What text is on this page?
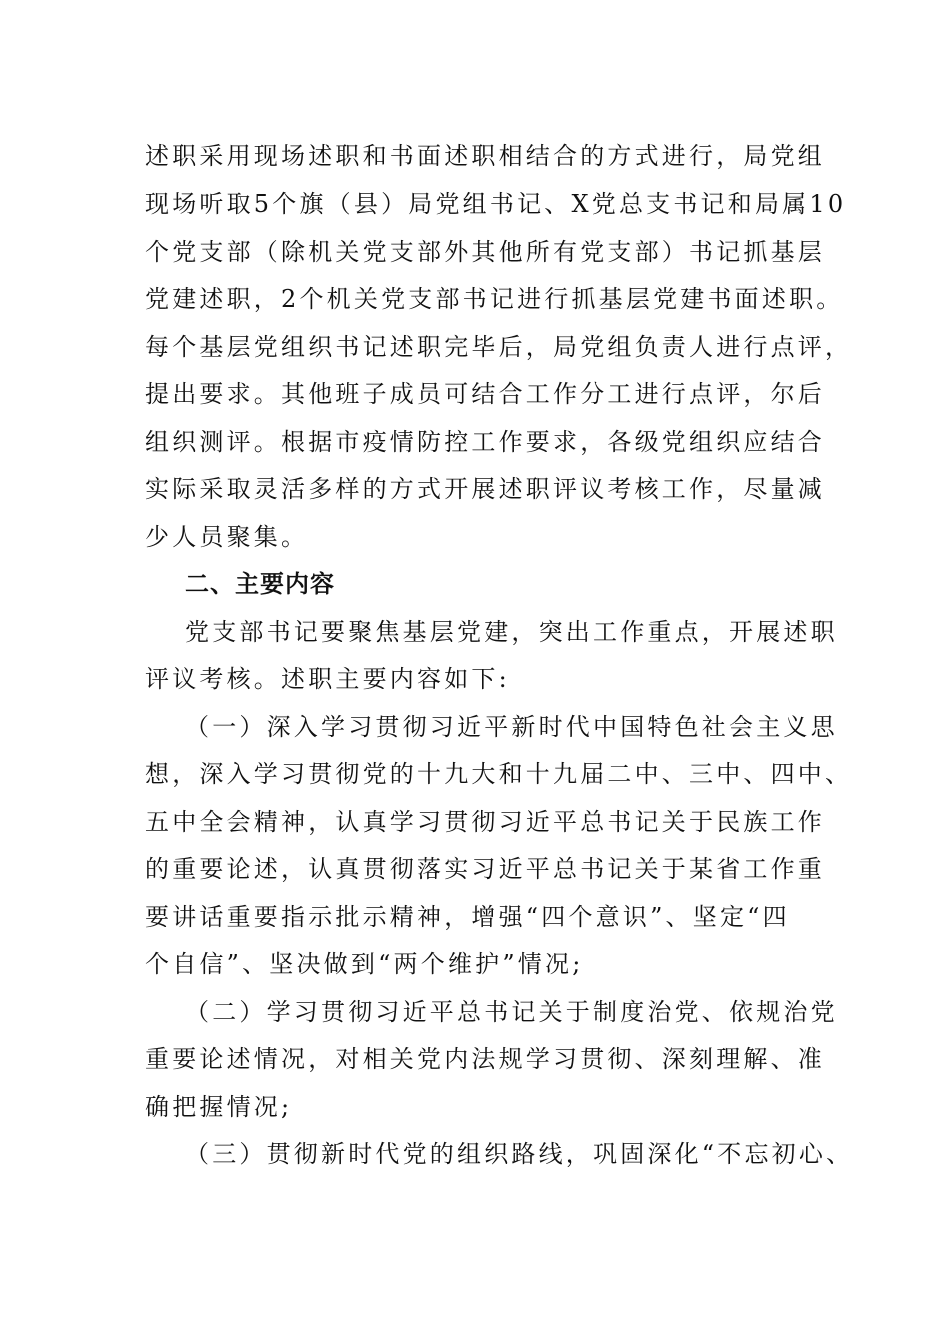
述职采用现场述职和书面述职相结合的方式进行，局党组
现场听取5个旗（县）局党组书记、X党总支书记和局属10
个党支部（除机关党支部外其他所有党支部）书记抓基层
党建述职，2个机关党支部书记进行抓基层党建书面述职。
每个基层党组织书记述职完毕后，局党组负责人进行点评，
提出要求。其他班子成员可结合工作分工进行点评，尔后
组织测评。根据市疫情防控工作要求，各级党组织应结合
实际采取灵活多样的方式开展述职评议考核工作，尽量减
少人员聚集。
二、主要内容
党支部书记要聚焦基层党建，突出工作重点，开展述职
评议考核。述职主要内容如下:
（一）深入学习贯彻习近平新时代中国特色社会主义思
想，深入学习贯彻党的十九大和十九届二中、三中、四中、
五中全会精神，认真学习贯彻习近平总书记关于民族工作
的重要论述，认真贯彻落实习近平总书记关于某省工作重
要讲话重要指示批示精神，增强“四个意识”、坚定“四
个自信”、坚决做到“两个维护”情况;
（二）学习贯彻习近平总书记关于制度治党、依规治党
重要论述情况，对相关党内法规学习贯彻、深刻理解、准
确把握情况;
（三）贯彻新时代党的组织路线，巩固深化“不忘初心、
